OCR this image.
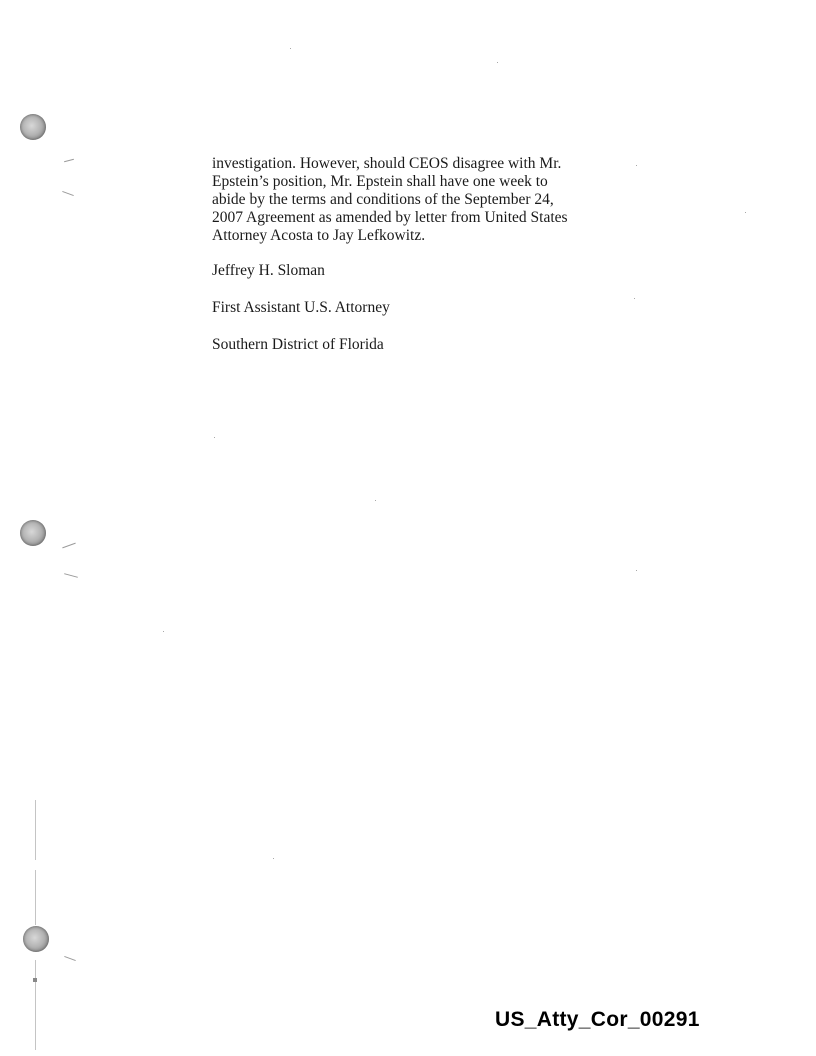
investigation. However, should CEOS disagree with Mr.
Epstein’s position, Mr. Epstein shall have one week to
abide by the terms and conditions of the September 24,
2007 Agreement as amended by letter from United States
Attorney Acosta to Jay Lefkowitz.

Jeffrey H. Sloman

First Assistant U.S. Attorney

Southern District of Florida

US_Atty_Cor_00291
